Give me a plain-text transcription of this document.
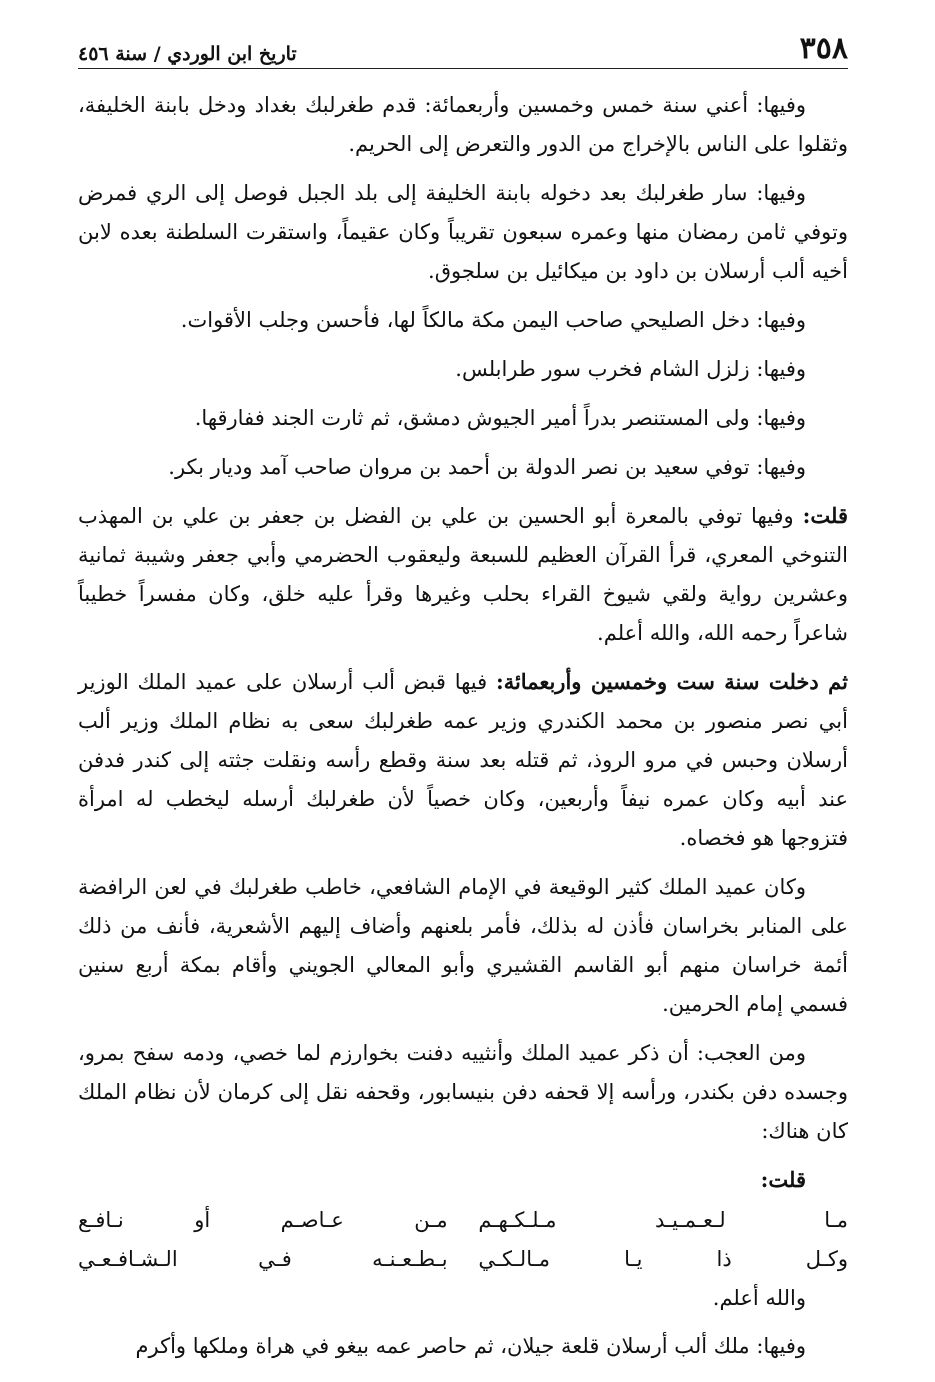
٣٥٨
تاريخ ابن الوردي / سنة ٤٥٦

وفيها: أعني سنة خمس وخمسين وأربعمائة: قدم طغرلبك بغداد ودخل بابنة الخليفة، وثقلوا على الناس بالإخراج من الدور والتعرض إلى الحريم.

وفيها: سار طغرلبك بعد دخوله بابنة الخليفة إلى بلد الجبل فوصل إلى الري فمرض وتوفي ثامن رمضان منها وعمره سبعون تقريباً وكان عقيماً، واستقرت السلطنة بعده لابن أخيه ألب أرسلان بن داود بن ميكائيل بن سلجوق.

وفيها: دخل الصليحي صاحب اليمن مكة مالكاً لها، فأحسن وجلب الأقوات.

وفيها: زلزل الشام فخرب سور طرابلس.

وفيها: ولى المستنصر بدراً أمير الجيوش دمشق، ثم ثارت الجند ففارقها.

وفيها: توفي سعيد بن نصر الدولة بن أحمد بن مروان صاحب آمد وديار بكر.

قلت: وفيها توفي بالمعرة أبو الحسين بن علي بن الفضل بن جعفر بن علي بن المهذب التنوخي المعري، قرأ القرآن العظيم للسبعة وليعقوب الحضرمي وأبي جعفر وشيبة ثمانية وعشرين رواية ولقي شيوخ القراء بحلب وغيرها وقرأ عليه خلق، وكان مفسراً خطيباً شاعراً رحمه الله، والله أعلم.

ثم دخلت سنة ست وخمسين وأربعمائة: فيها قبض ألب أرسلان على عميد الملك الوزير أبي نصر منصور بن محمد الكندري وزير عمه طغرلبك سعى به نظام الملك وزير ألب أرسلان وحبس في مرو الروذ، ثم قتله بعد سنة وقطع رأسه ونقلت جثته إلى كندر فدفن عند أبيه وكان عمره نيفاً وأربعين، وكان خصياً لأن طغرلبك أرسله ليخطب له امرأة فتزوجها هو فخصاه.

وكان عميد الملك كثير الوقيعة في الإمام الشافعي، خاطب طغرلبك في لعن الرافضة على المنابر بخراسان فأذن له بذلك، فأمر بلعنهم وأضاف إليهم الأشعرية، فأنف من ذلك أئمة خراسان منهم أبو القاسم القشيري وأبو المعالي الجويني وأقام بمكة أربع سنين فسمي إمام الحرمين.

ومن العجب: أن ذكر عميد الملك وأنثييه دفنت بخوارزم لما خصي، ودمه سفح بمرو، وجسده دفن بكندر، ورأسه إلا قحفه دفن بنيسابور، وقحفه نقل إلى كرمان لأن نظام الملك كان هناك:

قلت:
مـا لـعـمـيـد مـلـكـهـم
مـن عـاصـم أو نـافـع
وكـل ذا يـا مـالـكـي
بـطـعـنـه فـي الـشـافـعـي
والله أعلم.

وفيها: ملك ألب أرسلان قلعة جيلان، ثم حاصر عمه بيغو في هراة وملكها وأكرم
